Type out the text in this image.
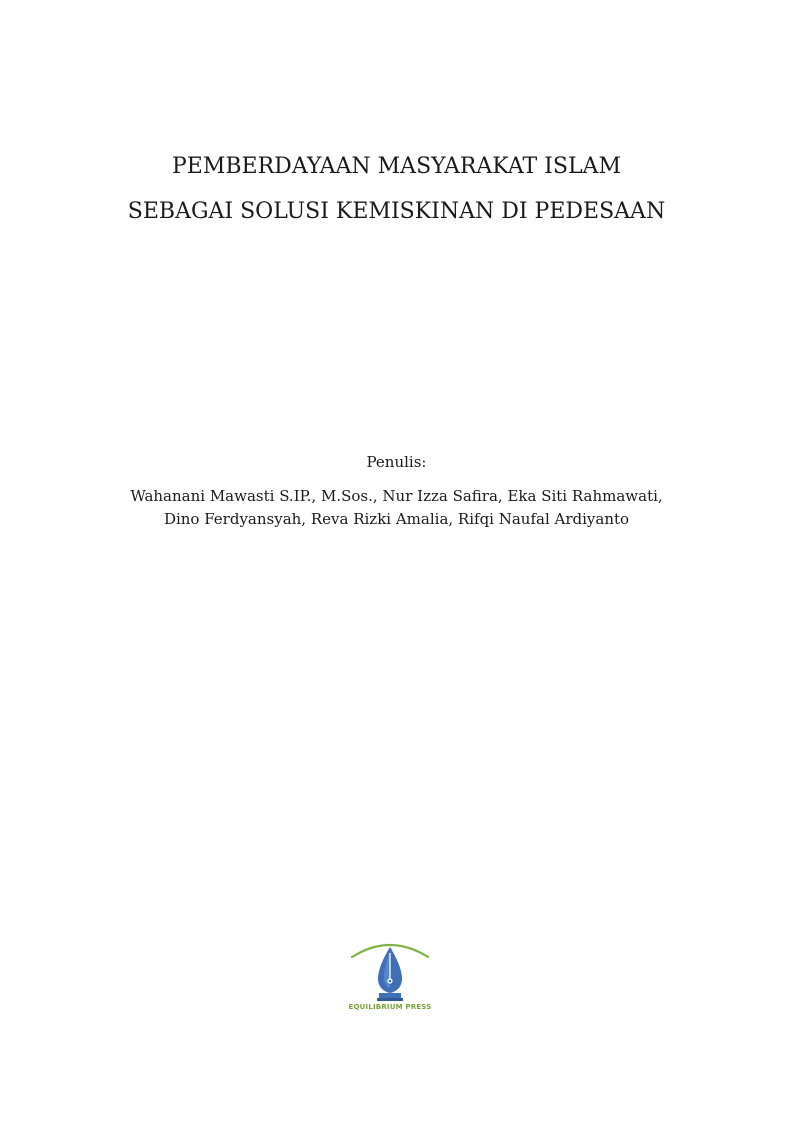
PEMBERDAYAAN MASYARAKAT ISLAM
SEBAGAI SOLUSI KEMISKINAN DI PEDESAAN
Penulis:
Wahanani Mawasti S.IP., M.Sos., Nur Izza Safira, Eka Siti Rahmawati,
Dino Ferdyansyah, Reva Rizki Amalia, Rifqi Naufal Ardiyanto
EQUILIBRIUM PRESS
